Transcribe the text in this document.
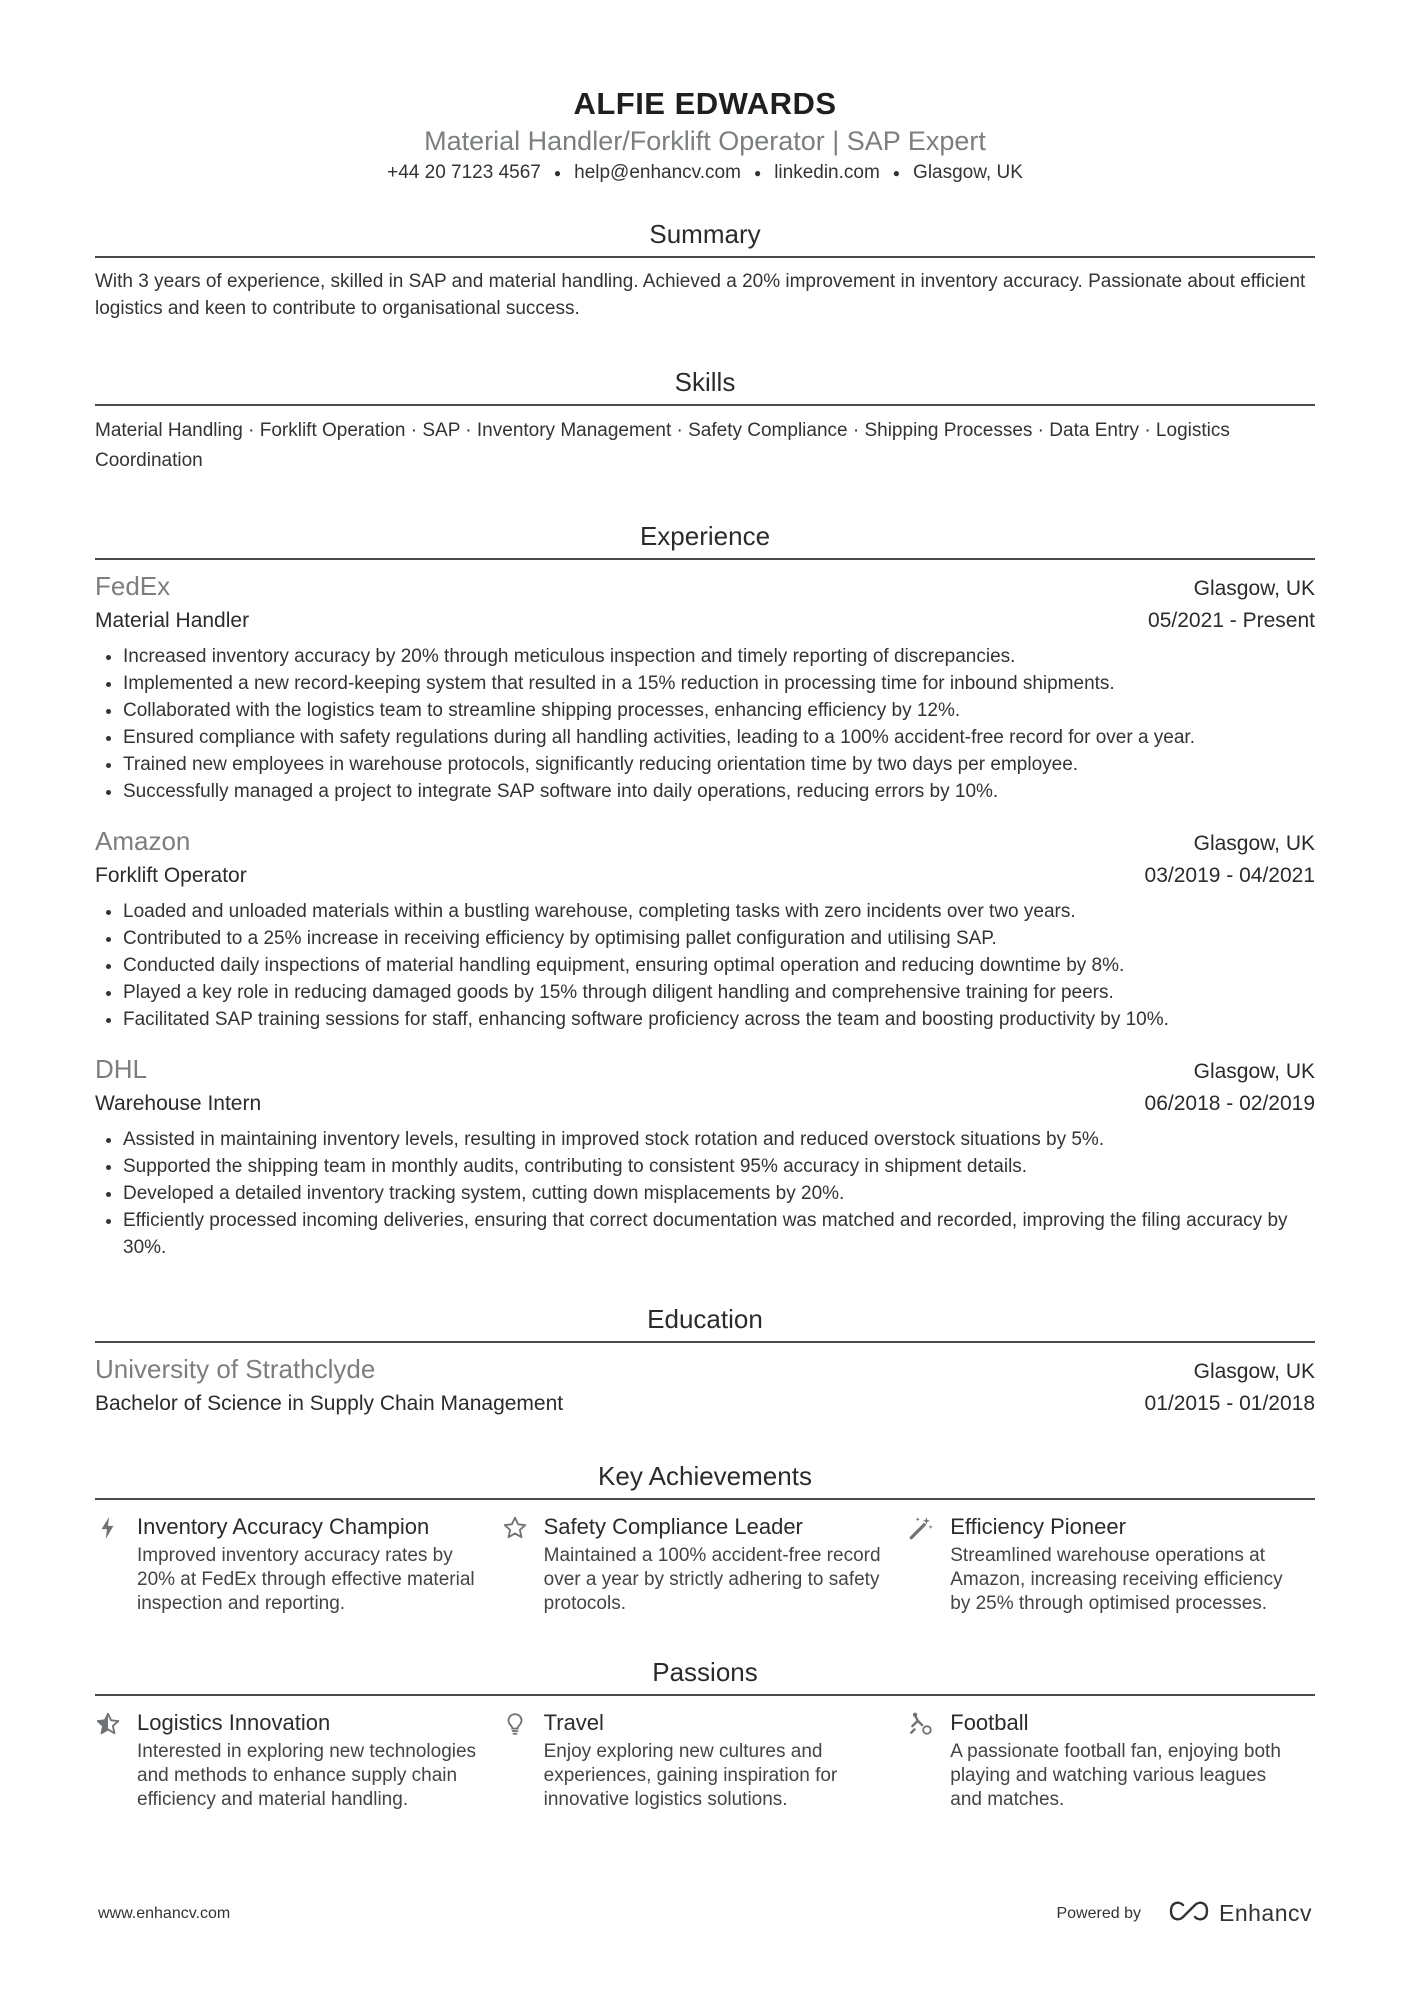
ALFIE EDWARDS
Material Handler/Forklift Operator | SAP Expert
+44 20 7123 4567 ● help@enhancv.com ● linkedin.com ● Glasgow, UK
Summary
With 3 years of experience, skilled in SAP and material handling. Achieved a 20% improvement in inventory accuracy. Passionate about efficient logistics and keen to contribute to organisational success.
Skills
Material Handling · Forklift Operation · SAP · Inventory Management · Safety Compliance · Shipping Processes · Data Entry · Logistics Coordination
Experience
FedEx	Glasgow, UK
Material Handler	05/2021 - Present
• Increased inventory accuracy by 20% through meticulous inspection and timely reporting of discrepancies.
• Implemented a new record-keeping system that resulted in a 15% reduction in processing time for inbound shipments.
• Collaborated with the logistics team to streamline shipping processes, enhancing efficiency by 12%.
• Ensured compliance with safety regulations during all handling activities, leading to a 100% accident-free record for over a year.
• Trained new employees in warehouse protocols, significantly reducing orientation time by two days per employee.
• Successfully managed a project to integrate SAP software into daily operations, reducing errors by 10%.
Amazon	Glasgow, UK
Forklift Operator	03/2019 - 04/2021
• Loaded and unloaded materials within a bustling warehouse, completing tasks with zero incidents over two years.
• Contributed to a 25% increase in receiving efficiency by optimising pallet configuration and utilising SAP.
• Conducted daily inspections of material handling equipment, ensuring optimal operation and reducing downtime by 8%.
• Played a key role in reducing damaged goods by 15% through diligent handling and comprehensive training for peers.
• Facilitated SAP training sessions for staff, enhancing software proficiency across the team and boosting productivity by 10%.
DHL	Glasgow, UK
Warehouse Intern	06/2018 - 02/2019
• Assisted in maintaining inventory levels, resulting in improved stock rotation and reduced overstock situations by 5%.
• Supported the shipping team in monthly audits, contributing to consistent 95% accuracy in shipment details.
• Developed a detailed inventory tracking system, cutting down misplacements by 20%.
• Efficiently processed incoming deliveries, ensuring that correct documentation was matched and recorded, improving the filing accuracy by 30%.
Education
University of Strathclyde	Glasgow, UK
Bachelor of Science in Supply Chain Management	01/2015 - 01/2018
Key Achievements
Inventory Accuracy Champion
Improved inventory accuracy rates by 20% at FedEx through effective material inspection and reporting.
Safety Compliance Leader
Maintained a 100% accident-free record over a year by strictly adhering to safety protocols.
Efficiency Pioneer
Streamlined warehouse operations at Amazon, increasing receiving efficiency by 25% through optimised processes.
Passions
Logistics Innovation
Interested in exploring new technologies and methods to enhance supply chain efficiency and material handling.
Travel
Enjoy exploring new cultures and experiences, gaining inspiration for innovative logistics solutions.
Football
A passionate football fan, enjoying both playing and watching various leagues and matches.
www.enhancv.com	Powered by	Enhancv
